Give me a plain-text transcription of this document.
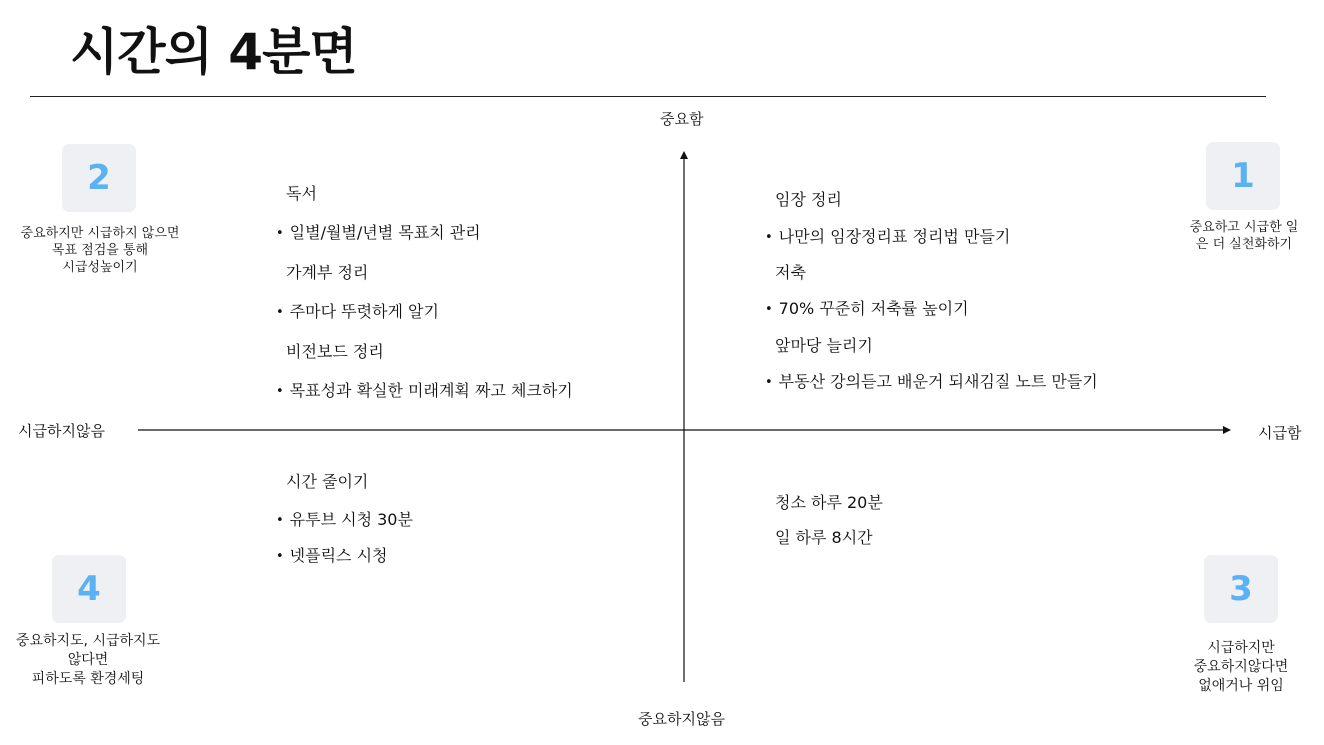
시간의 4분면
중요함
중요하지않음
시급하지않음	시급함
2
중요하지만 시급하지 않으면
목표 점검을 통해
시급성높이기
독서
• 일별/월별/년별 목표치 관리
가계부 정리
• 주마다 뚜렷하게 알기
비전보드 정리
• 목표성과 확실한 미래계획 짜고 체크하기
1
중요하고 시급한 일
은 더 실천화하기
임장 정리
• 나만의 임장정리표 정리법 만들기
저축
• 70% 꾸준히 저축률 높이기
앞마당 늘리기
• 부동산 강의듣고 배운거 되새김질 노트 만들기
4
중요하지도, 시급하지도
않다면
피하도록 환경세팅
시간 줄이기
• 유투브 시청 30분
• 넷플릭스 시청
3
시급하지만
중요하지않다면
없애거나 위임
청소 하루 20분
일 하루 8시간
